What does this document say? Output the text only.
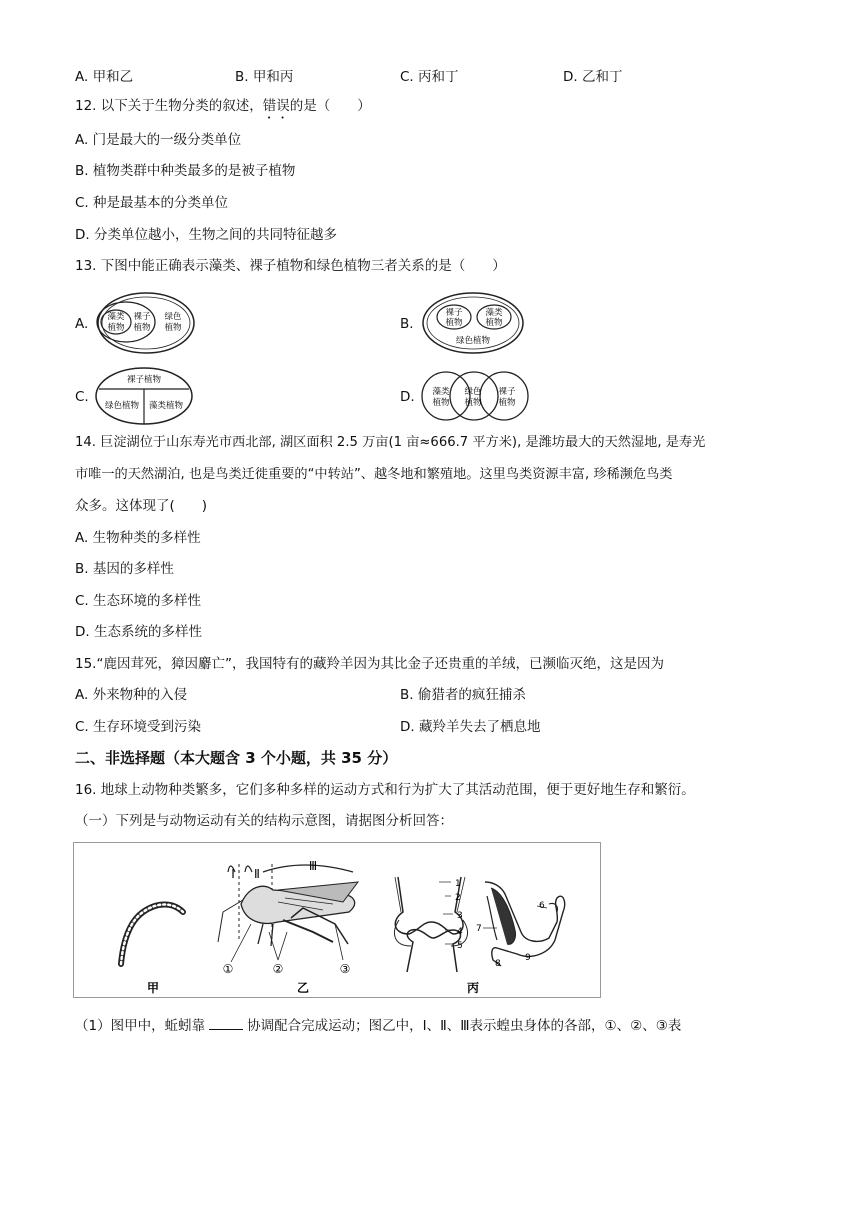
A. 甲和乙	B. 甲和丙	C. 丙和丁	D. 乙和丁
12. 以下关于生物分类的叙述，错误的是（　　）
A. 门是最大的一级分类单位
B. 植物类群中种类最多的是被子植物
C. 种是最基本的分类单位
D. 分类单位越小，生物之间的共同特征越多
13. 下图中能正确表示藻类、裸子植物和绿色植物三者关系的是（　　）
A. 藻类
植物
裸子
植物
绿色
植物	B.
裸子
植物
藻类
植物
绿色植物
C.
裸子植物
绿色植物 藻类植物
D. 藻类
植物
绿色
植物
裸子
植物
14. 巨淀湖位于山东寿光市西北部, 湖区面积 2.5 万亩(1 亩≈666.7 平方米), 是潍坊最大的天然湿地, 是寿光
市唯一的天然湖泊, 也是鸟类迁徙重要的“中转站”、越冬地和繁殖地。这里鸟类资源丰富, 珍稀濒危鸟类
众多。这体现了(　　)
A. 生物种类的多样性
B. 基因的多样性
C. 生态环境的多样性
D. 生态系统的多样性
15.“鹿因茸死，獐因麝亡”，我国特有的藏羚羊因为其比金子还贵重的羊绒，已濒临灭绝，这是因为
A. 外来物种的入侵	B. 偷猎者的疯狂捕杀
C. 生存环境受到污染	D. 藏羚羊失去了栖息地
二、非选择题（本大题含 3 个小题，共 35 分）
16. 地球上动物种类繁多，它们多种多样的运动方式和行为扩大了其活动范围，便于更好地生存和繁衍。
（一）下列是与动物运动有关的结构示意图，请据图分析回答：
甲
Ⅰ Ⅱ
Ⅲ
①	②	③
乙
1
2
3
4
5
6
7
8
9
丙
（1）图甲中，蚯蚓靠	协调配合完成运动；图乙中，Ⅰ、Ⅱ、Ⅲ表示蝗虫身体的各部，①、②、③表
